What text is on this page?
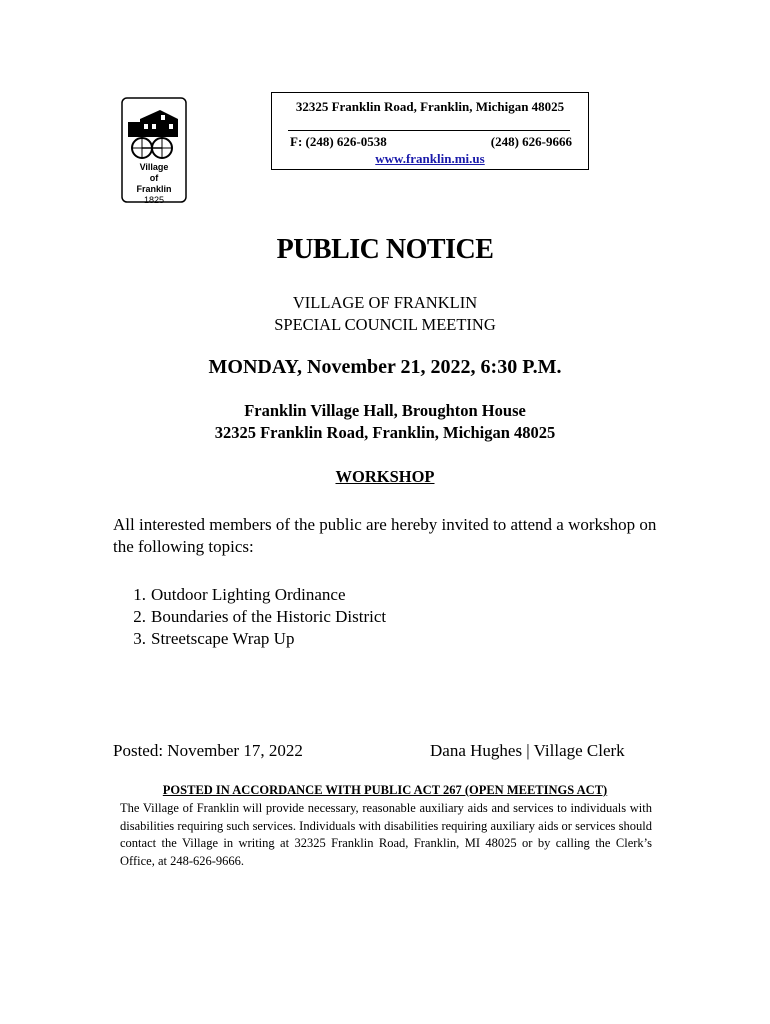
Village
of
Franklin
1825
32325 Franklin Road, Franklin, Michigan 48025
F: (248) 626-0538	(248) 626-9666
www.franklin.mi.us
PUBLIC NOTICE
VILLAGE OF FRANKLIN
SPECIAL COUNCIL MEETING
MONDAY, November 21, 2022, 6:30 P.M.
Franklin Village Hall, Broughton House
32325 Franklin Road, Franklin, Michigan 48025
WORKSHOP
All interested members of the public are hereby invited to attend a workshop on the following topics:
1. Outdoor Lighting Ordinance
2. Boundaries of the Historic District
3. Streetscape Wrap Up
Posted: November 17, 2022	Dana Hughes | Village Clerk
POSTED IN ACCORDANCE WITH PUBLIC ACT 267 (OPEN MEETINGS ACT)
The Village of Franklin will provide necessary, reasonable auxiliary aids and services to individuals with disabilities requiring such services. Individuals with disabilities requiring auxiliary aids or services should contact the Village in writing at 32325 Franklin Road, Franklin, MI 48025 or by calling the Clerk’s Office, at 248-626-9666.
